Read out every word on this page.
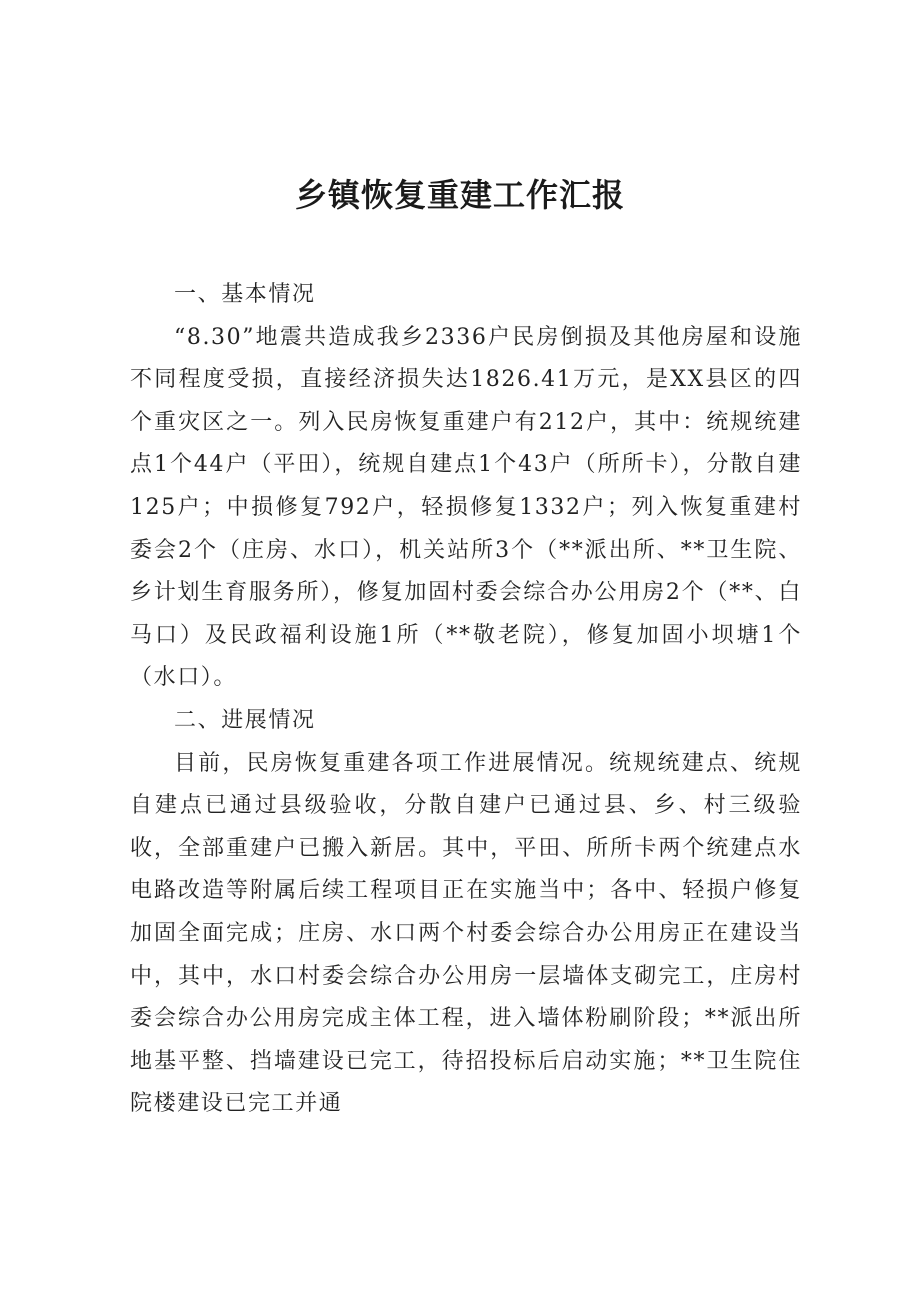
乡镇恢复重建工作汇报

一、基本情况

“8.30”地震共造成我乡2336户民房倒损及其他房屋和设施不同程度受损，直接经济损失达1826.41万元，是XX县区的四个重灾区之一。列入民房恢复重建户有212户，其中：统规统建点1个44户（平田），统规自建点1个43户（所所卡），分散自建125户；中损修复792户，轻损修复1332户；列入恢复重建村委会2个（庄房、水口），机关站所3个（**派出所、**卫生院、乡计划生育服务所），修复加固村委会综合办公用房2个（**、白马口）及民政福利设施1所（**敬老院），修复加固小坝塘1个（水口）。

二、进展情况

目前，民房恢复重建各项工作进展情况。统规统建点、统规自建点已通过县级验收，分散自建户已通过县、乡、村三级验收，全部重建户已搬入新居。其中，平田、所所卡两个统建点水电路改造等附属后续工程项目正在实施当中；各中、轻损户修复加固全面完成；庄房、水口两个村委会综合办公用房正在建设当中，其中，水口村委会综合办公用房一层墙体支砌完工，庄房村委会综合办公用房完成主体工程，进入墙体粉刷阶段；**派出所地基平整、挡墙建设已完工，待招投标后启动实施；**卫生院住院楼建设已完工并通
